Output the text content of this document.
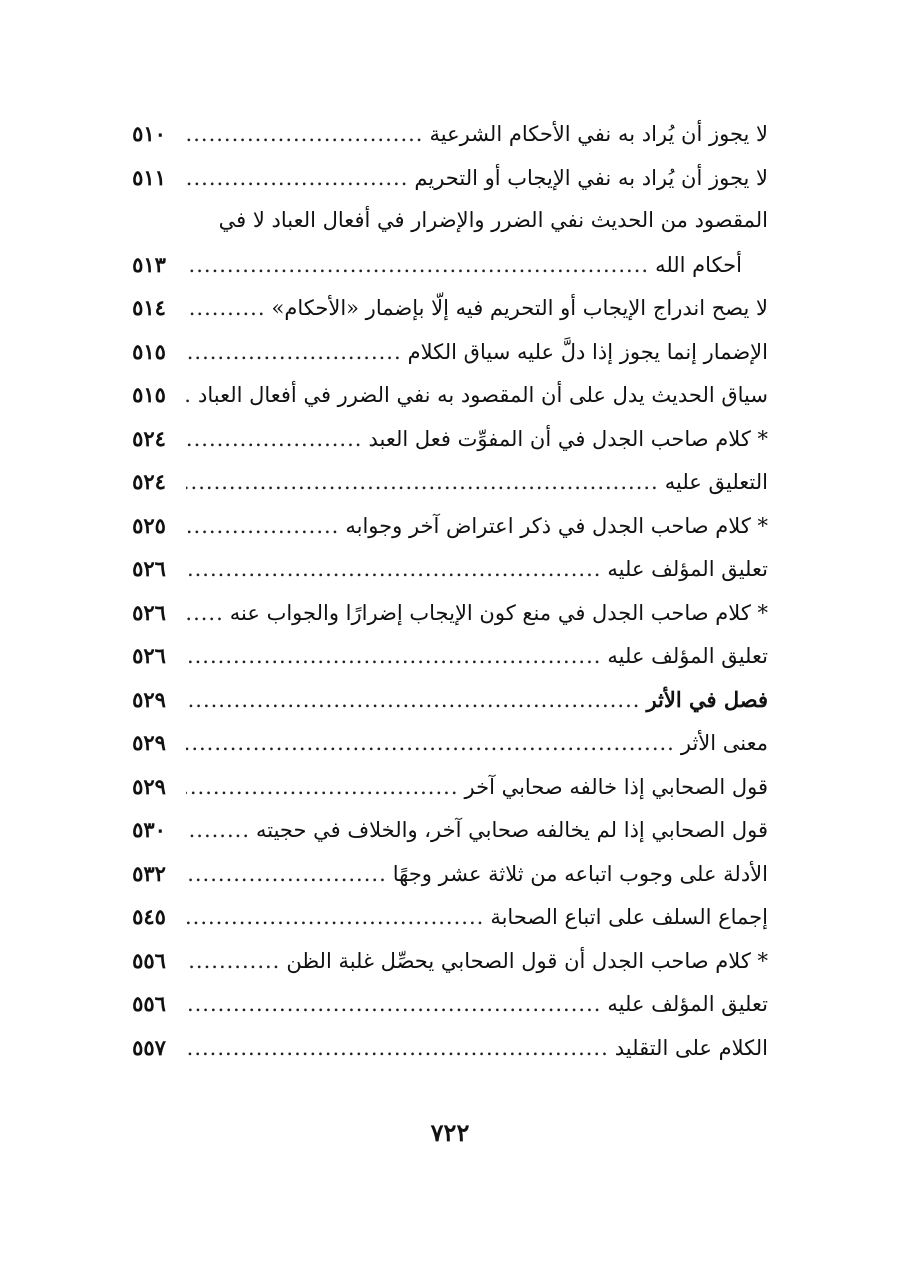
لا يجوز أن يُراد به نفي الأحكام الشرعية
.....
٥١٠
لا يجوز أن يُراد به نفي الإيجاب أو التحريم
.....
٥١١
المقصود من الحديث نفي الضرر والإضرار في أفعال العباد لا في
أحكام الله
.....
٥١٣
لا يصح اندراج الإيجاب أو التحريم فيه إلّا بإضمار «الأحكام»
.....
٥١٤
الإضمار إنما يجوز إذا دلَّ عليه سياق الكلام
.....
٥١٥
سياق الحديث يدل على أن المقصود به نفي الضرر في أفعال العباد
.....
٥١٥
* كلام صاحب الجدل في أن المفوِّت فعل العبد
.....
٥٢٤
التعليق عليه
.....
٥٢٤
* كلام صاحب الجدل في ذكر اعتراض آخر وجوابه
.....
٥٢٥
تعليق المؤلف عليه
.....
٥٢٦
* كلام صاحب الجدل في منع كون الإيجاب إضرارًا والجواب عنه
.....
٥٢٦
تعليق المؤلف عليه
.....
٥٢٦
فصل في الأثر
.....
٥٢٩
معنى الأثر
.....
٥٢٩
قول الصحابي إذا خالفه صحابي آخر
.....
٥٢٩
قول الصحابي إذا لم يخالفه صحابي آخر، والخلاف في حجيته
.....
٥٣٠
الأدلة على وجوب اتباعه من ثلاثة عشر وجهًا
.....
٥٣٢
إجماع السلف على اتباع الصحابة
.....
٥٤٥
* كلام صاحب الجدل أن قول الصحابي يحصِّل غلبة الظن
.....
٥٥٦
تعليق المؤلف عليه
.....
٥٥٦
الكلام على التقليد
.....
٥٥٧
٧٢٢
